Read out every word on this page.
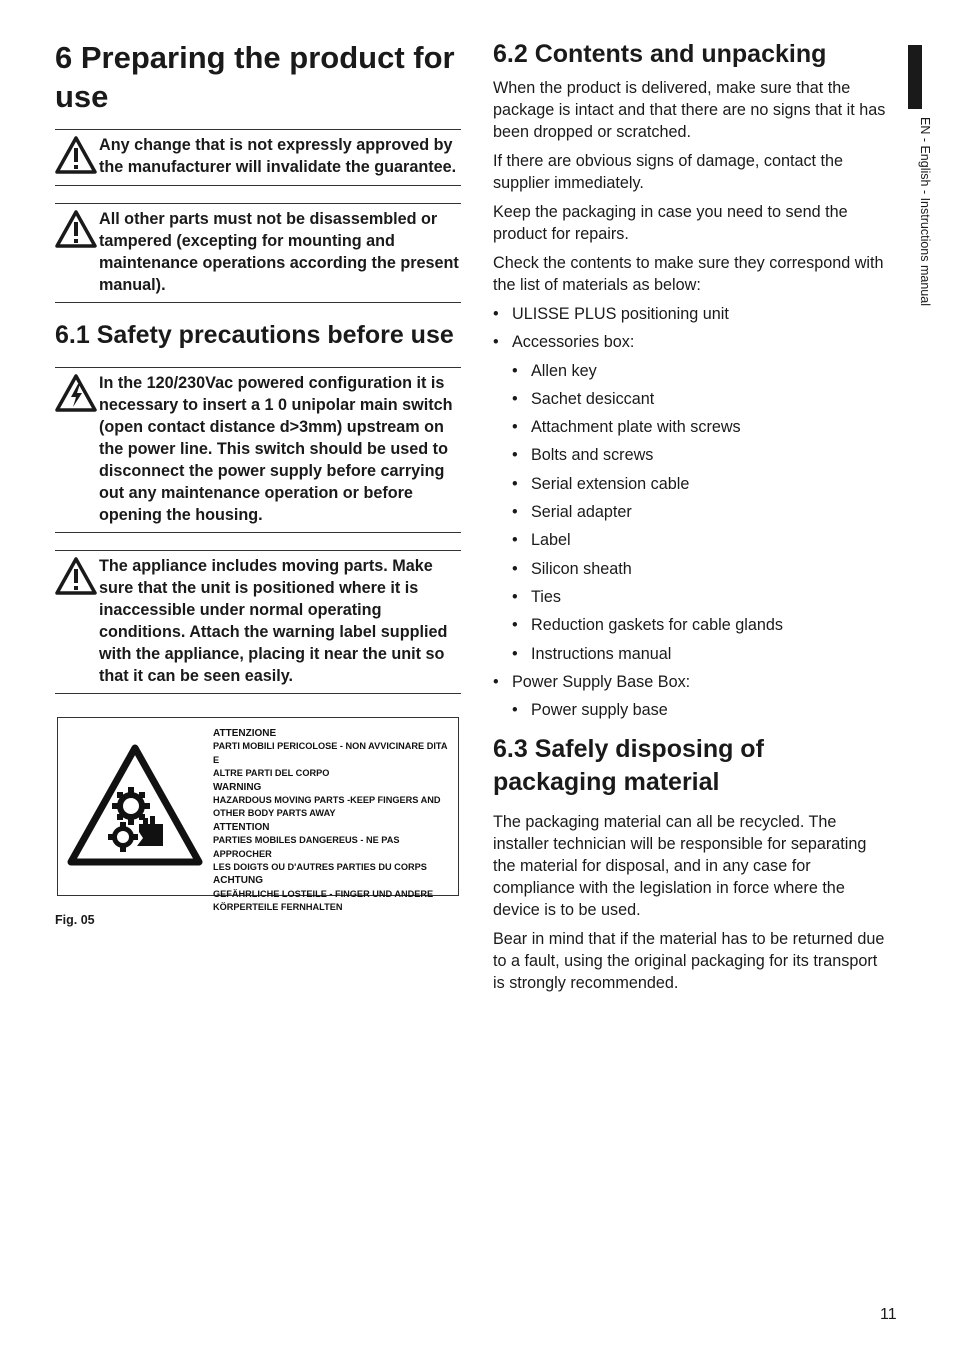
6 Preparing the product for use
Any change that is not expressly approved by the manufacturer will invalidate the guarantee.
All other parts must not be disassembled or tampered (excepting for mounting and maintenance operations according the present manual).
6.1 Safety precautions before use
In the 120/230Vac powered configuration it is necessary to insert a 1 0 unipolar main switch (open contact distance d>3mm) upstream on the power line. This switch should be used to disconnect the power supply before carrying out any maintenance operation or before opening the housing.
The appliance includes moving parts. Make sure that the unit is positioned where it is inaccessible under normal operating conditions. Attach the warning label supplied with the appliance, placing it near the unit so that it can be seen easily.
ATTENZIONE
PARTI MOBILI PERICOLOSE - NON AVVICINARE DITA E
ALTRE PARTI DEL CORPO
WARNING
HAZARDOUS MOVING PARTS -KEEP FINGERS AND
OTHER BODY PARTS AWAY
ATTENTION
PARTIES MOBILES DANGEREUS - NE PAS APPROCHER
LES DOIGTS OU D'AUTRES PARTIES DU CORPS
ACHTUNG
GEFÄHRLICHE LOSTEILE - FINGER UND ANDERE
KÖRPERTEILE FERNHALTEN
Fig. 05
6.2 Contents and unpacking

When the product is delivered, make sure that the package is intact and that there are no signs that it has been dropped or scratched.

If there are obvious signs of damage, contact the supplier immediately.

Keep the packaging in case you need to send the product for repairs.

Check the contents to make sure they correspond with the list of materials as below:

• ULISSE PLUS positioning unit
• Accessories box:
• Allen key
• Sachet desiccant
• Attachment plate with screws
• Bolts and screws
• Serial extension cable
• Serial adapter
• Label
• Silicon sheath
• Ties
• Reduction gaskets for cable glands
• Instructions manual
• Power Supply Base Box:
• Power supply base
6.3 Safely disposing of packaging material

The packaging material can all be recycled. The installer technician will be responsible for separating the material for disposal, and in any case for compliance with the legislation in force where the device is to be used.

Bear in mind that if the material has to be returned due to a fault, using the original packaging for its transport is strongly recommended.

EN - English - Instructions manual
11
